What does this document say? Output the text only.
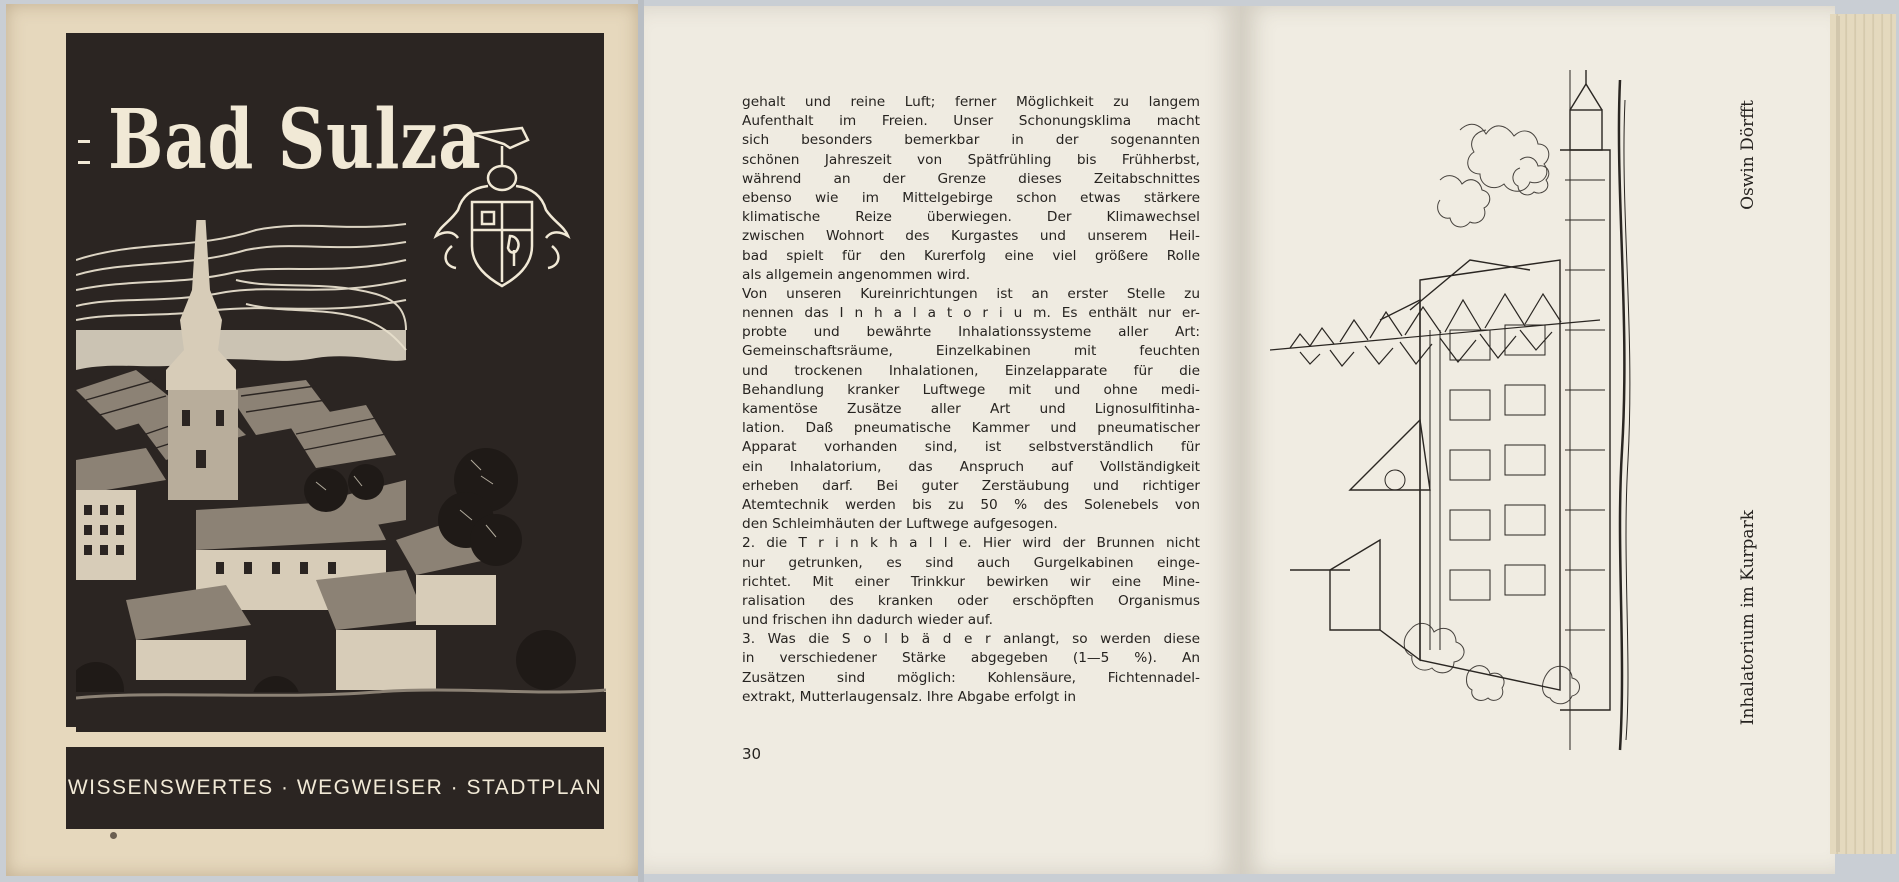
Bad Sulza
WISSENSWERTES · WEGWEISER · STADTPLAN
gehalt und reine Luft; ferner Möglichkeit zu langem
Aufenthalt im Freien. Unser Schonungsklima macht
sich besonders bemerkbar in der sogenannten
schönen Jahreszeit von Spätfrühling bis Frühherbst,
während an der Grenze dieses Zeitabschnittes
ebenso wie im Mittelgebirge schon etwas stärkere
klimatische Reize überwiegen. Der Klimawechsel
zwischen Wohnort des Kurgastes und unserem Heil-
bad spielt für den Kurerfolg eine viel größere Rolle
als allgemein angenommen wird.
Von unseren Kureinrichtungen ist an erster Stelle zu
nennen das I n h a l a t o r i u m. Es enthält nur er-
probte und bewährte Inhalationssysteme aller Art:
Gemeinschaftsräume, Einzelkabinen mit feuchten
und trockenen Inhalationen, Einzelapparate für die
Behandlung kranker Luftwege mit und ohne medi-
kamentöse Zusätze aller Art und Lignosulfitinha-
lation. Daß pneumatische Kammer und pneumatischer
Apparat vorhanden sind, ist selbstverständlich für
ein Inhalatorium, das Anspruch auf Vollständigkeit
erheben darf. Bei guter Zerstäubung und richtiger
Atemtechnik werden bis zu 50 % des Solenebels von
den Schleimhäuten der Luftwege aufgesogen.
2. die T r i n k h a l l e. Hier wird der Brunnen nicht
nur getrunken, es sind auch Gurgelkabinen einge-
richtet. Mit einer Trinkkur bewirken wir eine Mine-
ralisation des kranken oder erschöpften Organismus
und frischen ihn dadurch wieder auf.
3. Was die S o l b ä d e r anlangt, so werden diese
in verschiedener Stärke abgegeben (1—5 %). An
Zusätzen sind möglich: Kohlensäure, Fichtennadel-
extrakt, Mutterlaugensalz. Ihre Abgabe erfolgt in
30
Oswin Dörfft
Inhalatorium im Kurpark
